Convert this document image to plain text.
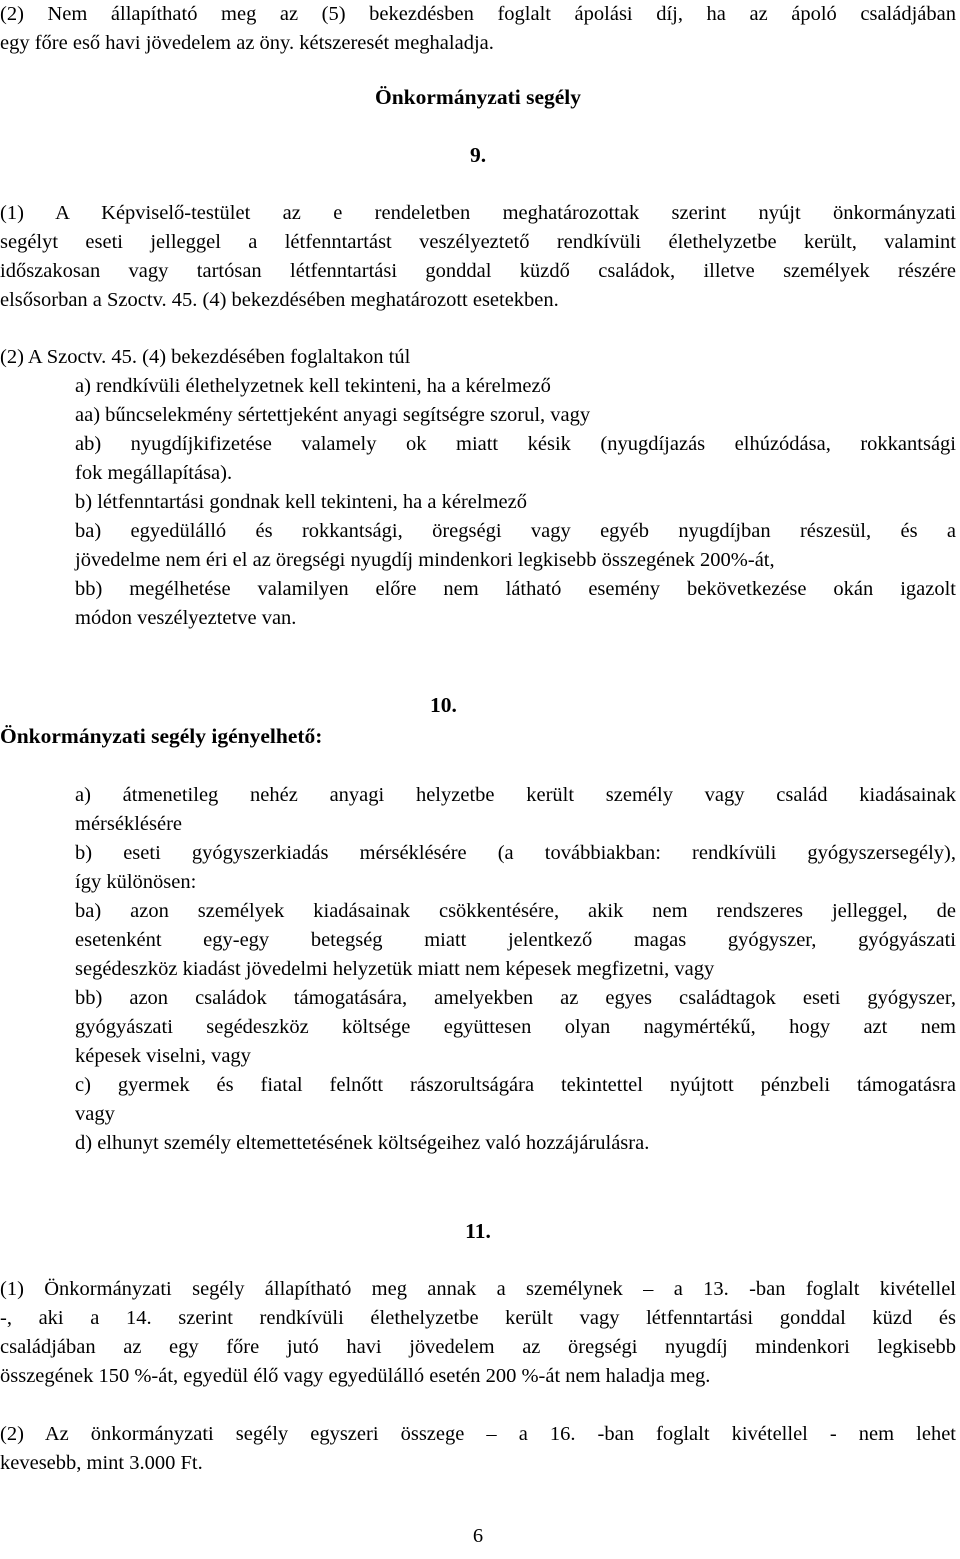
(2) Nem állapítható meg az (5) bekezdésben foglalt ápolási díj, ha az ápoló családjában
egy főre eső havi jövedelem az öny. kétszeresét meghaladja.
Önkormányzati segély
9.
(1) A Képviselő-testület az e rendeletben meghatározottak szerint nyújt önkormányzati
segélyt eseti jelleggel a létfenntartást veszélyeztető rendkívüli élethelyzetbe került, valamint
időszakosan vagy tartósan létfenntartási gonddal küzdő családok, illetve személyek részére
elsősorban a Szoctv. 45. (4) bekezdésében meghatározott esetekben.
(2) A Szoctv. 45. (4) bekezdésében foglaltakon túl
a) rendkívüli élethelyzetnek kell tekinteni, ha a kérelmező
aa) bűncselekmény sértettjeként anyagi segítségre szorul, vagy
ab) nyugdíjkifizetése valamely ok miatt késik (nyugdíjazás elhúzódása, rokkantsági
fok megállapítása).
b) létfenntartási gondnak kell tekinteni, ha a kérelmező
ba) egyedülálló és rokkantsági, öregségi vagy egyéb nyugdíjban részesül, és a
jövedelme nem éri el az öregségi nyugdíj mindenkori legkisebb összegének 200%-át,
bb) megélhetése valamilyen előre nem látható esemény bekövetkezése okán igazolt
módon veszélyeztetve van.
10.
Önkormányzati segély igényelhető:
a) átmenetileg nehéz anyagi helyzetbe került személy vagy család kiadásainak
mérséklésére
b) eseti gyógyszerkiadás mérséklésére (a továbbiakban: rendkívüli gyógyszersegély),
így különösen:
ba) azon személyek kiadásainak csökkentésére, akik nem rendszeres jelleggel, de
esetenként egy-egy betegség miatt jelentkező magas gyógyszer, gyógyászati
segédeszköz kiadást jövedelmi helyzetük miatt nem képesek megfizetni, vagy
bb) azon családok támogatására, amelyekben az egyes családtagok eseti gyógyszer,
gyógyászati segédeszköz költsége együttesen olyan nagymértékű, hogy azt nem
képesek viselni, vagy
c) gyermek és fiatal felnőtt rászorultságára tekintettel nyújtott pénzbeli támogatásra
vagy
d) elhunyt személy eltemettetésének költségeihez való hozzájárulásra.
11.
(1) Önkormányzati segély állapítható meg annak a személynek – a 13. -ban foglalt kivétellel
-, aki a 14. szerint rendkívüli élethelyzetbe került vagy létfenntartási gonddal küzd és
családjában az egy főre jutó havi jövedelem az öregségi nyugdíj mindenkori legkisebb
összegének 150 %-át, egyedül élő vagy egyedülálló esetén 200 %-át nem haladja meg.
(2) Az önkormányzati segély egyszeri összege – a 16. -ban foglalt kivétellel - nem lehet
kevesebb, mint 3.000 Ft.
6
